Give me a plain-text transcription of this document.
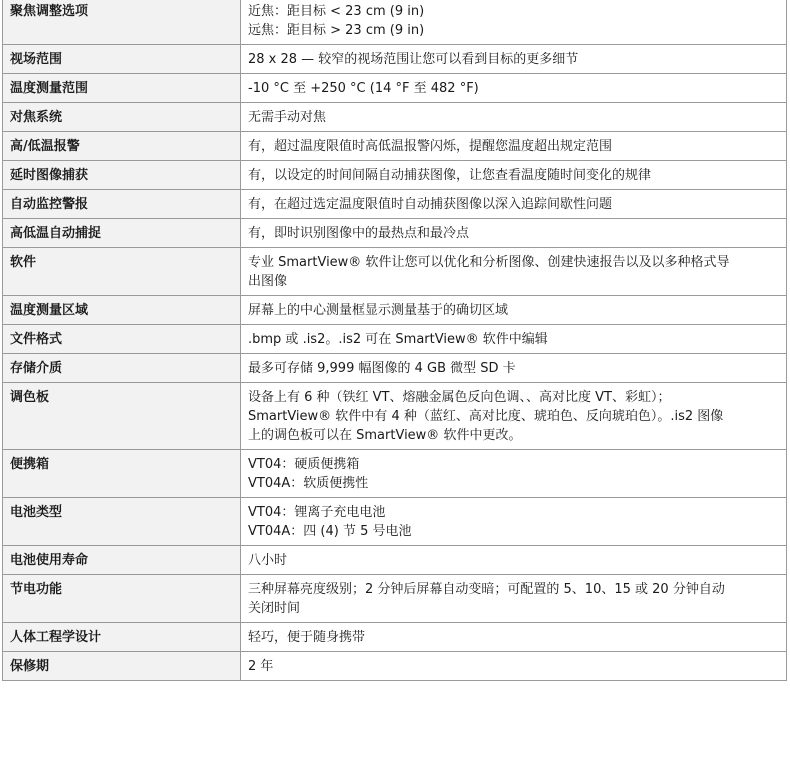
聚焦调整选项	近焦：距目标 < 23 cm (9 in)
远焦：距目标 > 23 cm (9 in)

视场范围	28 x 28 — 较窄的视场范围让您可以看到目标的更多细节

温度测量范围	-10 °C 至 +250 °C (14 °F 至 482 °F)

对焦系统	无需手动对焦

高/低温报警	有，超过温度限值时高低温报警闪烁，提醒您温度超出规定范围

延时图像捕获	有，以设定的时间间隔自动捕获图像，让您查看温度随时间变化的规律

自动监控警报	有，在超过选定温度限值时自动捕获图像以深入追踪间歇性问题

高低温自动捕捉	有，即时识别图像中的最热点和最冷点

软件	专业 SmartView® 软件让您可以优化和分析图像、创建快速报告以及以多种格式导
出图像

温度测量区域	屏幕上的中心测量框显示测量基于的确切区域

文件格式	.bmp 或 .is2。.is2 可在 SmartView® 软件中编辑

存储介质	最多可存储 9,999 幅图像的 4 GB 微型 SD 卡

调色板	设备上有 6 种（铁红 VT、熔融金属色反向色调、、高对比度 VT、彩虹）；
SmartView® 软件中有 4 种（蓝红、高对比度、琥珀色、反向琥珀色）。.is2 图像
上的调色板可以在 SmartView® 软件中更改。

便携箱	VT04：硬质便携箱
VT04A：软质便携性

电池类型	VT04：锂离子充电电池
VT04A：四 (4) 节 5 号电池

电池使用寿命	八小时

节电功能	三种屏幕亮度级别；2 分钟后屏幕自动变暗；可配置的 5、10、15 或 20 分钟自动
关闭时间

人体工程学设计	轻巧，便于随身携带

保修期	2 年
